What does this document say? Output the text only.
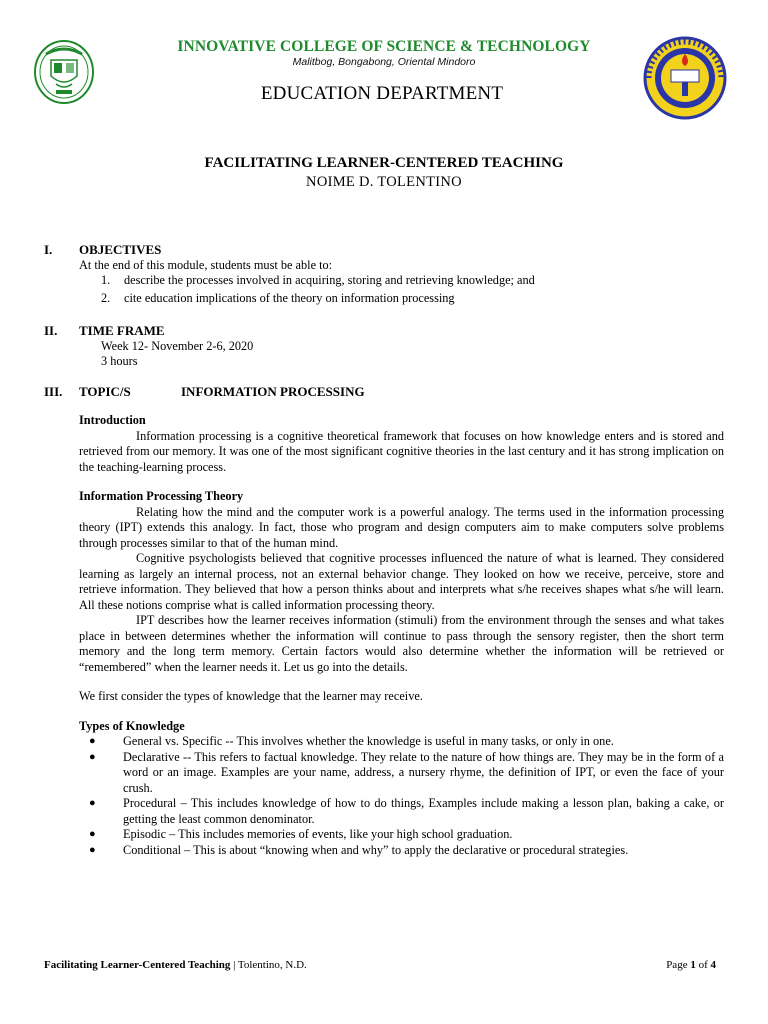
INNOVATIVE COLLEGE OF SCIENCE & TECHNOLOGY
Malitbog, Bongabong, Oriental Mindoro
EDUCATION DEPARTMENT
FACILITATING LEARNER-CENTERED TEACHING
NOIME D. TOLENTINO
I.	OBJECTIVES
At the end of this module, students must be able to:
1.	describe the processes involved in acquiring, storing and retrieving knowledge; and
2.	cite education implications of the theory on information processing
II.	TIME FRAME
Week 12- November 2-6, 2020
3 hours
III.	TOPIC/S	INFORMATION PROCESSING
Introduction
Information processing is a cognitive theoretical framework that focuses on how knowledge enters and is stored and retrieved from our memory. It was one of the most significant cognitive theories in the last century and it has strong implication on the teaching-learning process.
Information Processing Theory
Relating how the mind and the computer work is a powerful analogy. The terms used in the information processing theory (IPT) extends this analogy. In fact, those who program and design computers aim to make computers solve problems through processes similar to that of the human mind.
Cognitive psychologists believed that cognitive processes influenced the nature of what is learned. They considered learning as largely an internal process, not an external behavior change. They looked on how we receive, perceive, store and retrieve information. They believed that how a person thinks about and interprets what s/he receives shapes what s/he will learn. All these notions comprise what is called information processing theory.
IPT describes how the learner receives information (stimuli) from the environment through the senses and what takes place in between determines whether the information will continue to pass through the sensory register, then the short term memory and the long term memory. Certain factors would also determine whether the information will be retrieved or “remembered” when the learner needs it. Let us go into the details.
We first consider the types of knowledge that the learner may receive.
Types of Knowledge
●	General vs. Specific -- This involves whether the knowledge is useful in many tasks, or only in one.
●	Declarative -- This refers to factual knowledge. They relate to the nature of how things are. They may be in the form of a word or an image. Examples are your name, address, a nursery rhyme, the definition of IPT, or even the face of your crush.
●	Procedural – This includes knowledge of how to do things, Examples include making a lesson plan, baking a cake, or getting the least common denominator.
●	Episodic – This includes memories of events, like your high school graduation.
●	Conditional – This is about “knowing when and why” to apply the declarative or procedural strategies.
Facilitating Learner-Centered Teaching | Tolentino, N.D.	Page 1 of 4
